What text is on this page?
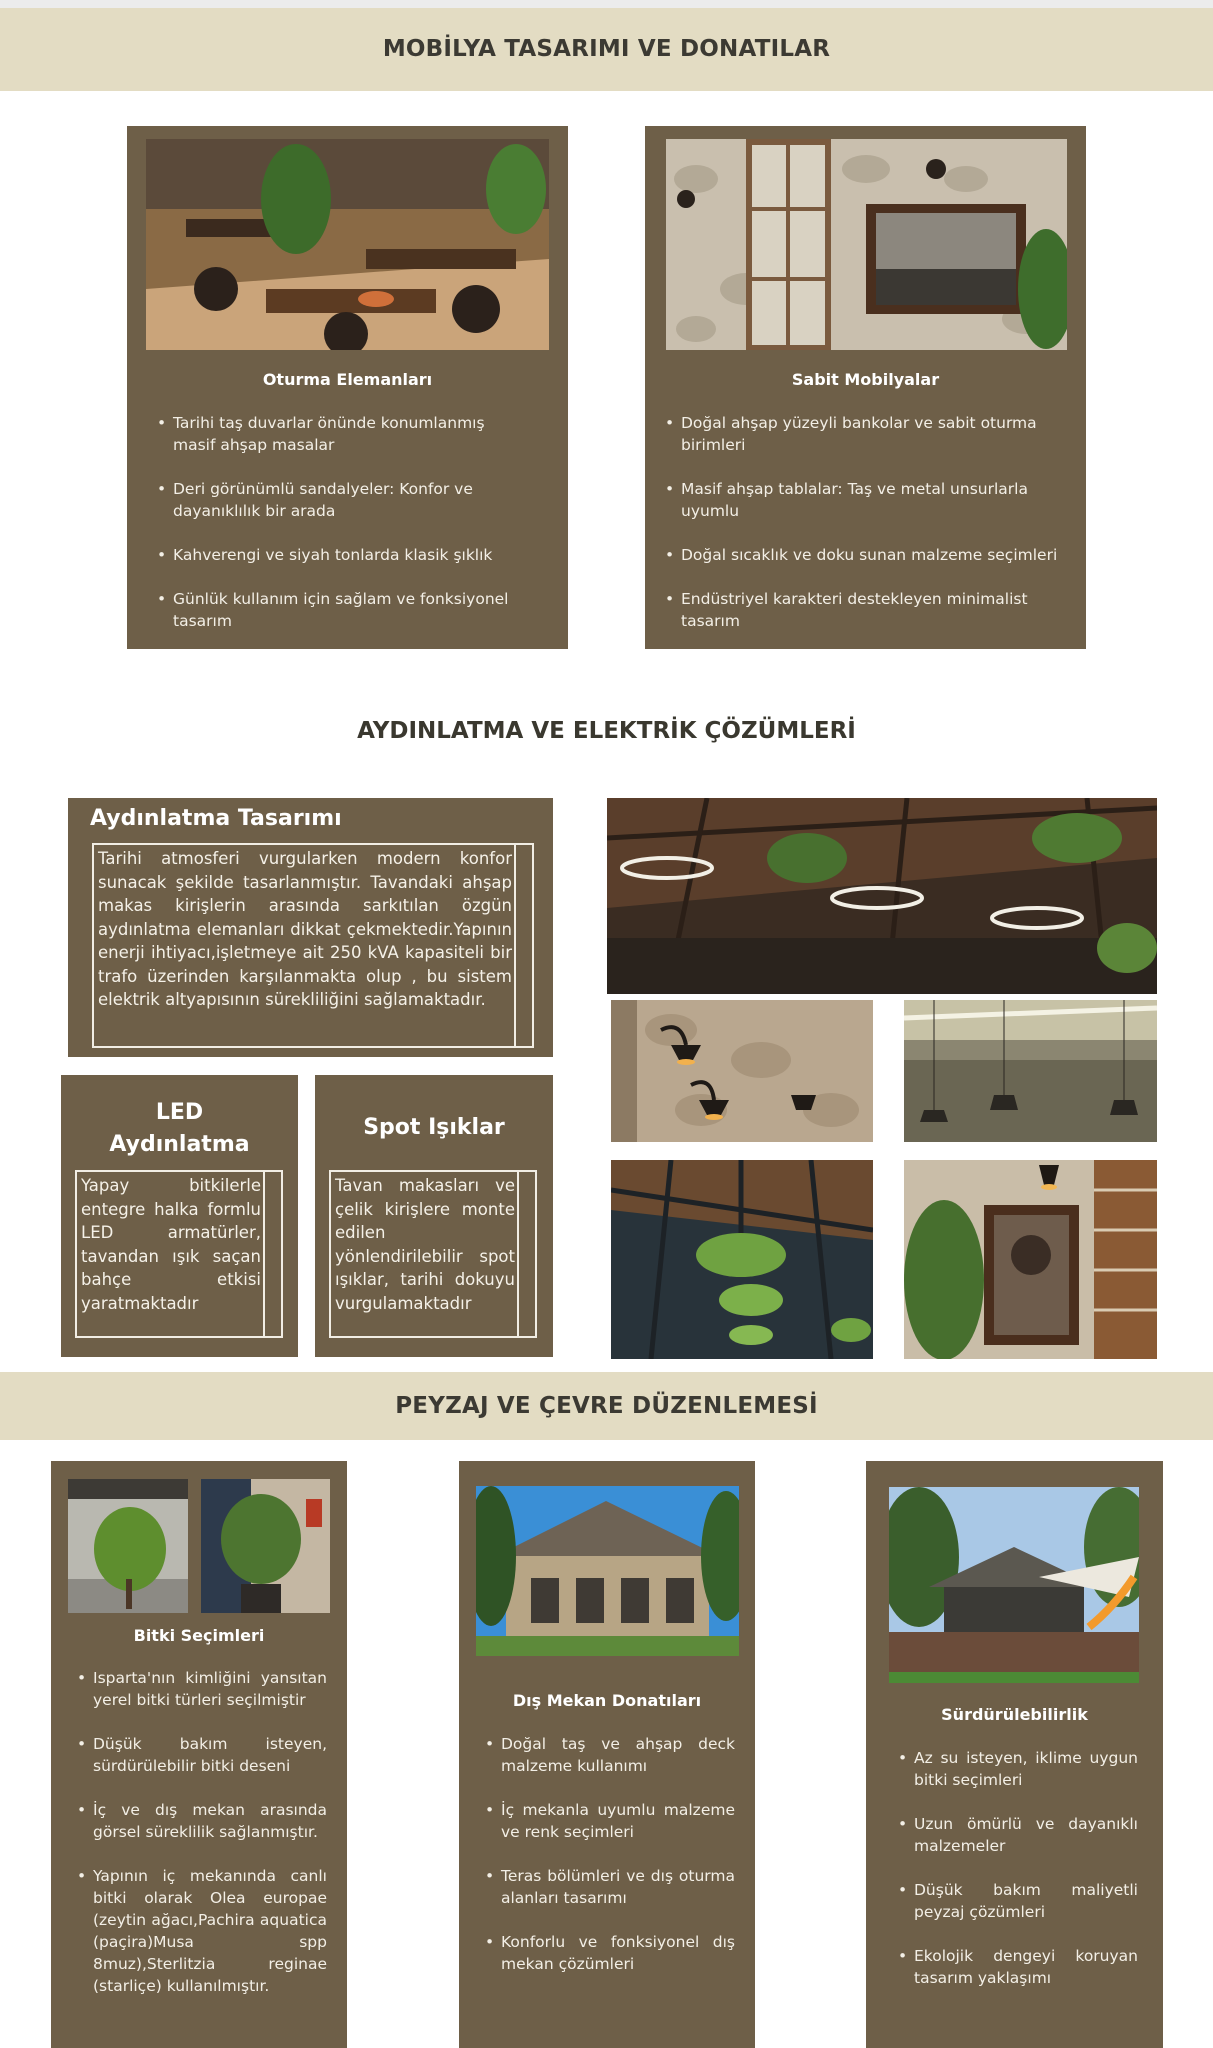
MOBİLYA TASARIMI VE DONATILAR
Oturma Elemanları
• Tarihi taş duvarlar önünde konumlanmış masif ahşap masalar
• Deri görünümlü sandalyeler: Konfor ve dayanıklılık bir arada
• Kahverengi ve siyah tonlarda klasik şıklık
• Günlük kullanım için sağlam ve fonksiyonel tasarım
Sabit Mobilyalar
• Doğal ahşap yüzeyli bankolar ve sabit oturma birimleri
• Masif ahşap tablalar: Taş ve metal unsurlarla uyumlu
• Doğal sıcaklık ve doku sunan malzeme seçimleri
• Endüstriyel karakteri destekleyen minimalist tasarım
AYDINLATMA VE ELEKTRİK ÇÖZÜMLERİ
Aydınlatma Tasarımı

Tarihi atmosferi vurgularken modern konfor sunacak şekilde tasarlanmıştır. Tavandaki ahşap makas kirişlerin arasında sarkıtılan özgün aydınlatma elemanları dikkat çekmektedir.Yapının enerji ihtiyacı,işletmeye ait 250 kVA kapasiteli bir trafo üzerinden karşılanmakta olup , bu sistem elektrik altyapısının sürekliliğini sağlamaktadır.

LED
Aydınlatma

Yapay bitkilerle entegre halka formlu LED armatürler, tavandan ışık saçan bahçe etkisi yaratmaktadır

Spot Işıklar

Tavan makasları ve çelik kirişlere monte edilen yönlendirilebilir spot ışıklar, tarihi dokuyu vurgulamaktadır

PEYZAJ VE ÇEVRE DÜZENLEMESİ
Bitki Seçimleri
• Isparta'nın kimliğini yansıtan yerel bitki türleri seçilmiştir
• Düşük bakım isteyen, sürdürülebilir bitki deseni
• İç ve dış mekan arasında görsel süreklilik sağlanmıştır.
• Yapının iç mekanında canlı bitki olarak Olea europae (zeytin ağacı,Pachira aquatica (paçira)Musa spp 8muz),Sterlitzia reginae (starliçe) kullanılmıştır.
Dış Mekan Donatıları
• Doğal taş ve ahşap deck malzeme kullanımı
• İç mekanla uyumlu malzeme ve renk seçimleri
• Teras bölümleri ve dış oturma alanları tasarımı
• Konforlu ve fonksiyonel dış mekan çözümleri
Sürdürülebilirlik
• Az su isteyen, iklime uygun bitki seçimleri
• Uzun ömürlü ve dayanıklı malzemeler
• Düşük bakım maliyetli peyzaj çözümleri
• Ekolojik dengeyi koruyan tasarım yaklaşımı
